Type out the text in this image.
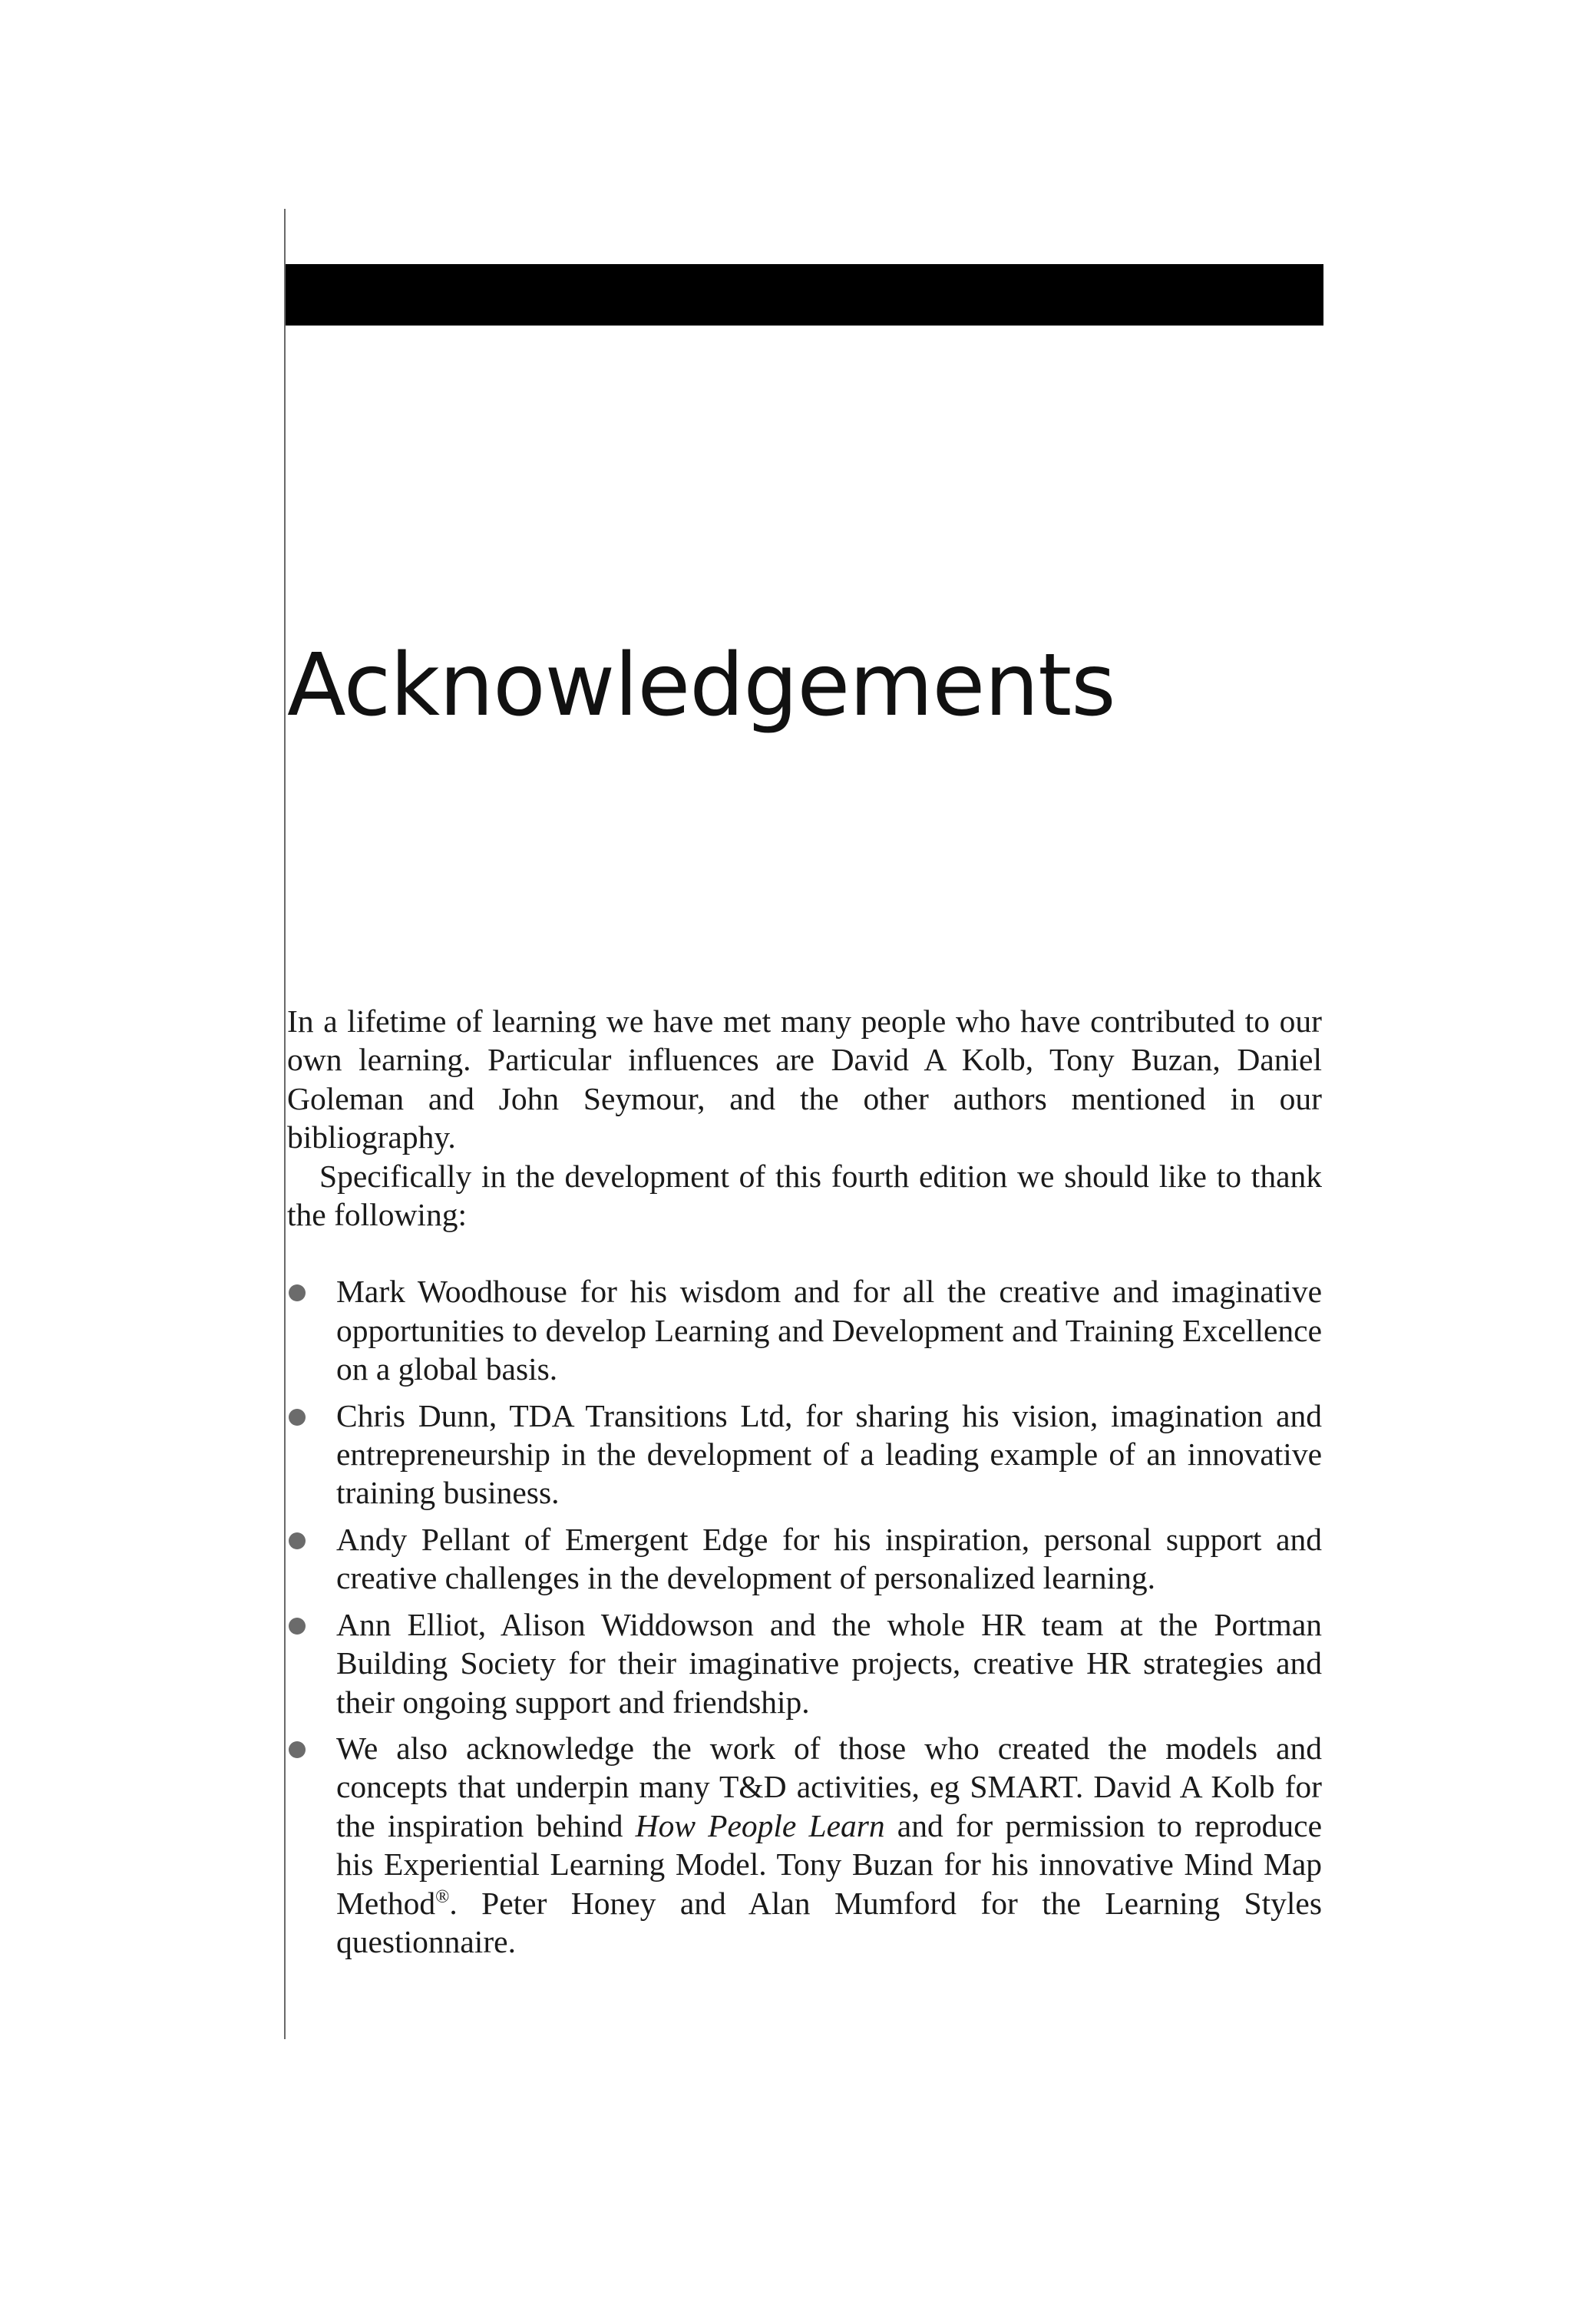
Acknowledgements

In a lifetime of learning we have met many people who have contributed to our own learning. Particular influences are David A Kolb, Tony Buzan, Daniel Goleman and John Seymour, and the other authors mentioned in our bibliography.

Specifically in the development of this fourth edition we should like to thank the following:

Mark Woodhouse for his wisdom and for all the creative and imaginative opportunities to develop Learning and Development and Training Excellence on a global basis.
Chris Dunn, TDA Transitions Ltd, for sharing his vision, imagination and entrepreneurship in the development of a leading example of an innovative training business.
Andy Pellant of Emergent Edge for his inspiration, personal support and creative challenges in the development of personalized learning.
Ann Elliot, Alison Widdowson and the whole HR team at the Portman Building Society for their imaginative projects, creative HR strategies and their ongoing support and friendship.
We also acknowledge the work of those who created the models and concepts that underpin many T&D activities, eg SMART. David A Kolb for the inspiration behind How People Learn and for permission to reproduce his Experiential Learning Model. Tony Buzan for his innovative Mind Map Method®. Peter Honey and Alan Mumford for the Learning Styles questionnaire.
